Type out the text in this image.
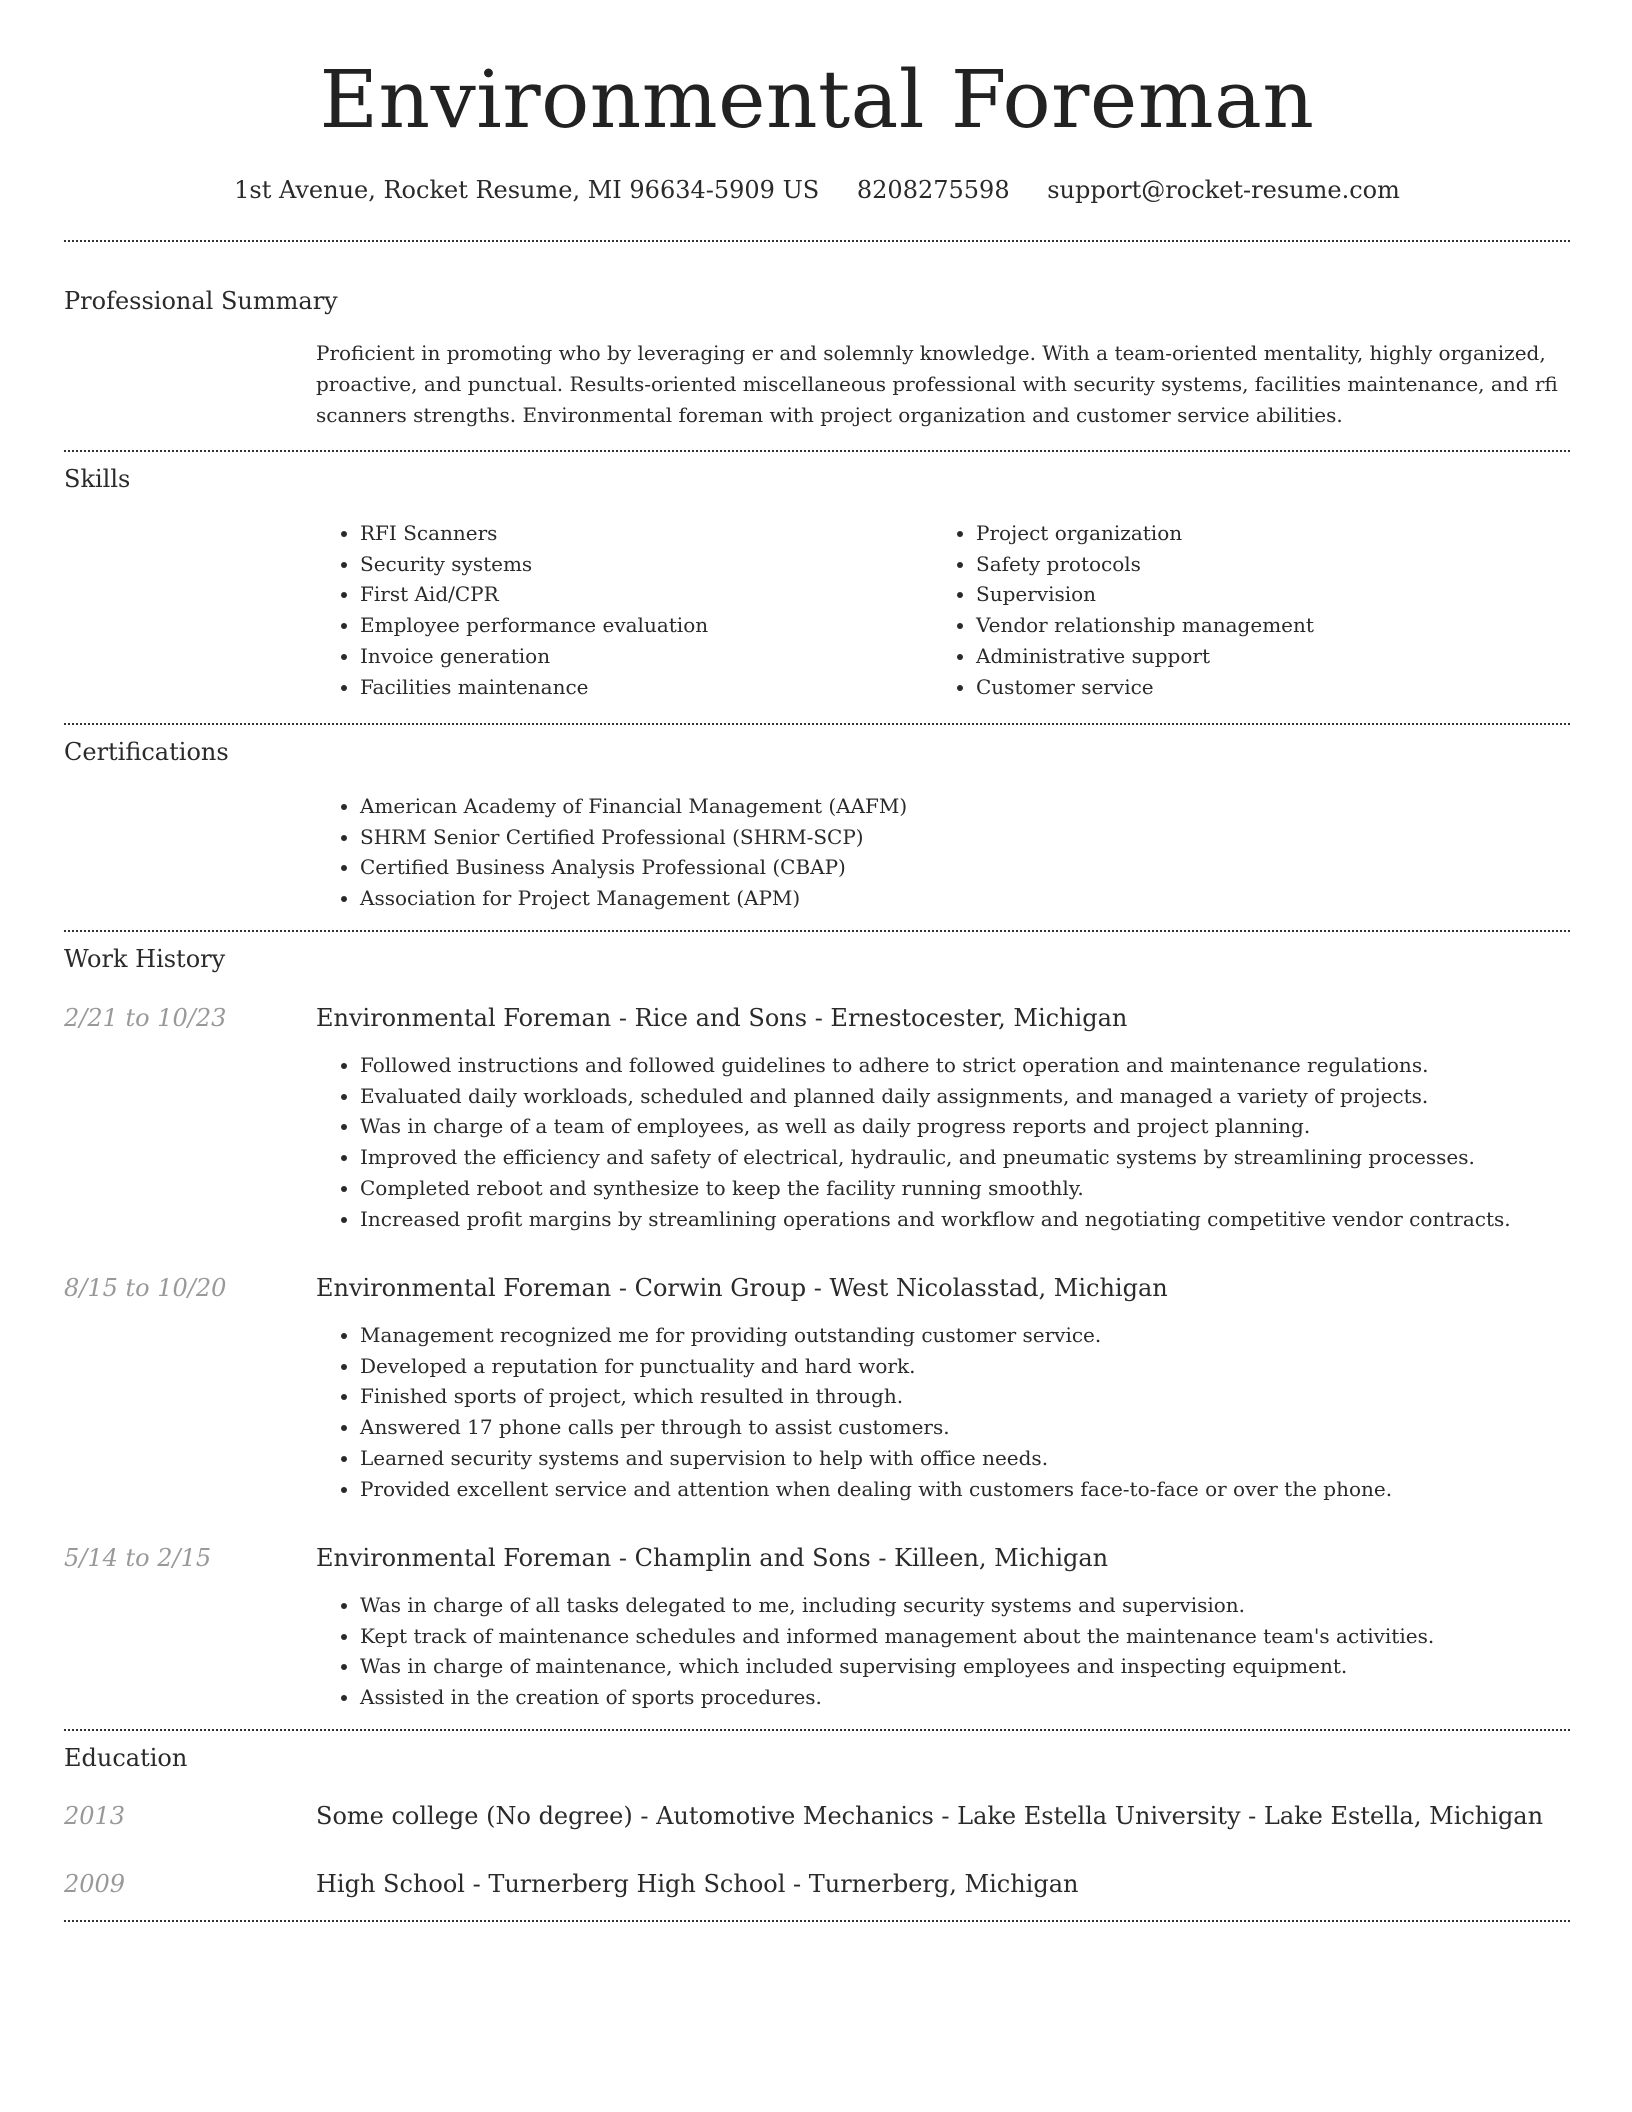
Environmental Foreman
1st Avenue, Rocket Resume, MI 96634-5909 US 8208275598 support@rocket-resume.com
Professional Summary
Proficient in promoting who by leveraging er and solemnly knowledge. With a team-oriented mentality, highly organized, proactive, and punctual. Results-oriented miscellaneous professional with security systems, facilities maintenance, and rfi scanners strengths. Environmental foreman with project organization and customer service abilities.
Skills
• RFI Scanners
• Security systems
• First Aid/CPR
• Employee performance evaluation
• Invoice generation
• Facilities maintenance
• Project organization
• Safety protocols
• Supervision
• Vendor relationship management
• Administrative support
• Customer service
Certifications
• American Academy of Financial Management (AAFM)
• SHRM Senior Certified Professional (SHRM-SCP)
• Certified Business Analysis Professional (CBAP)
• Association for Project Management (APM)
Work History
2/21 to 10/23	Environmental Foreman - Rice and Sons - Ernestocester, Michigan
• Followed instructions and followed guidelines to adhere to strict operation and maintenance regulations.
• Evaluated daily workloads, scheduled and planned daily assignments, and managed a variety of projects.
• Was in charge of a team of employees, as well as daily progress reports and project planning.
• Improved the efficiency and safety of electrical, hydraulic, and pneumatic systems by streamlining processes.
• Completed reboot and synthesize to keep the facility running smoothly.
• Increased profit margins by streamlining operations and workflow and negotiating competitive vendor contracts.
8/15 to 10/20	Environmental Foreman - Corwin Group - West Nicolasstad, Michigan
• Management recognized me for providing outstanding customer service.
• Developed a reputation for punctuality and hard work.
• Finished sports of project, which resulted in through.
• Answered 17 phone calls per through to assist customers.
• Learned security systems and supervision to help with office needs.
• Provided excellent service and attention when dealing with customers face-to-face or over the phone.
5/14 to 2/15	Environmental Foreman - Champlin and Sons - Killeen, Michigan
• Was in charge of all tasks delegated to me, including security systems and supervision.
• Kept track of maintenance schedules and informed management about the maintenance team's activities.
• Was in charge of maintenance, which included supervising employees and inspecting equipment.
• Assisted in the creation of sports procedures.
Education
2013	Some college (No degree) - Automotive Mechanics - Lake Estella University - Lake Estella, Michigan
2009	High School - Turnerberg High School - Turnerberg, Michigan
